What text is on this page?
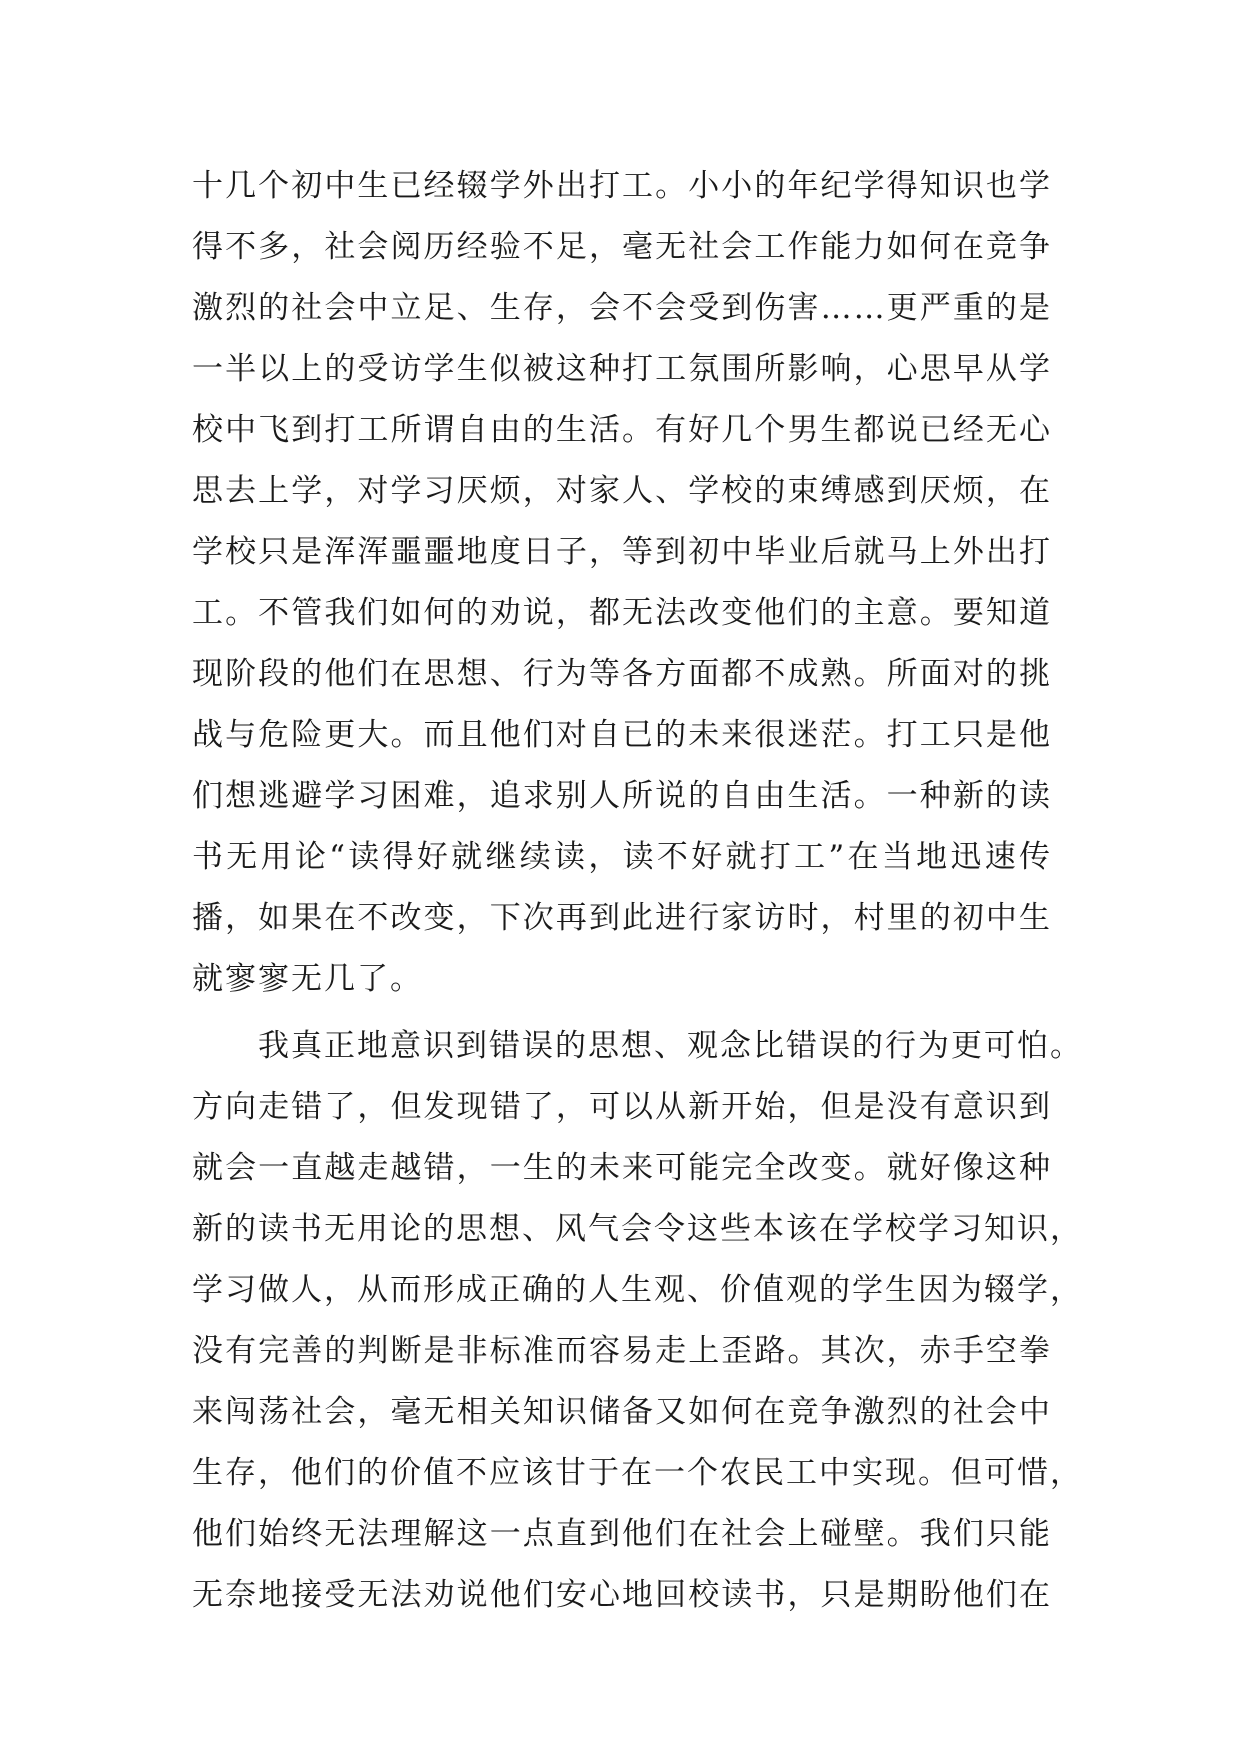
十几个初中生已经辍学外出打工。小小的年纪学得知识也学
得不多，社会阅历经验不足，毫无社会工作能力如何在竞争
激烈的社会中立足、生存，会不会受到伤害……更严重的是
一半以上的受访学生似被这种打工氛围所影响，心思早从学
校中飞到打工所谓自由的生活。有好几个男生都说已经无心
思去上学，对学习厌烦，对家人、学校的束缚感到厌烦，在
学校只是浑浑噩噩地度日子，等到初中毕业后就马上外出打
工。不管我们如何的劝说，都无法改变他们的主意。要知道
现阶段的他们在思想、行为等各方面都不成熟。所面对的挑
战与危险更大。而且他们对自已的未来很迷茫。打工只是他
们想逃避学习困难，追求别人所说的自由生活。一种新的读
书无用论“读得好就继续读，读不好就打工”在当地迅速传
播，如果在不改变，下次再到此进行家访时，村里的初中生
就寥寥无几了。
我真正地意识到错误的思想、观念比错误的行为更可怕。
方向走错了，但发现错了，可以从新开始，但是没有意识到
就会一直越走越错，一生的未来可能完全改变。就好像这种
新的读书无用论的思想、风气会令这些本该在学校学习知识，
学习做人，从而形成正确的人生观、价值观的学生因为辍学，
没有完善的判断是非标准而容易走上歪路。其次，赤手空拳
来闯荡社会，毫无相关知识储备又如何在竞争激烈的社会中
生存，他们的价值不应该甘于在一个农民工中实现。但可惜，
他们始终无法理解这一点直到他们在社会上碰壁。我们只能
无奈地接受无法劝说他们安心地回校读书，只是期盼他们在
